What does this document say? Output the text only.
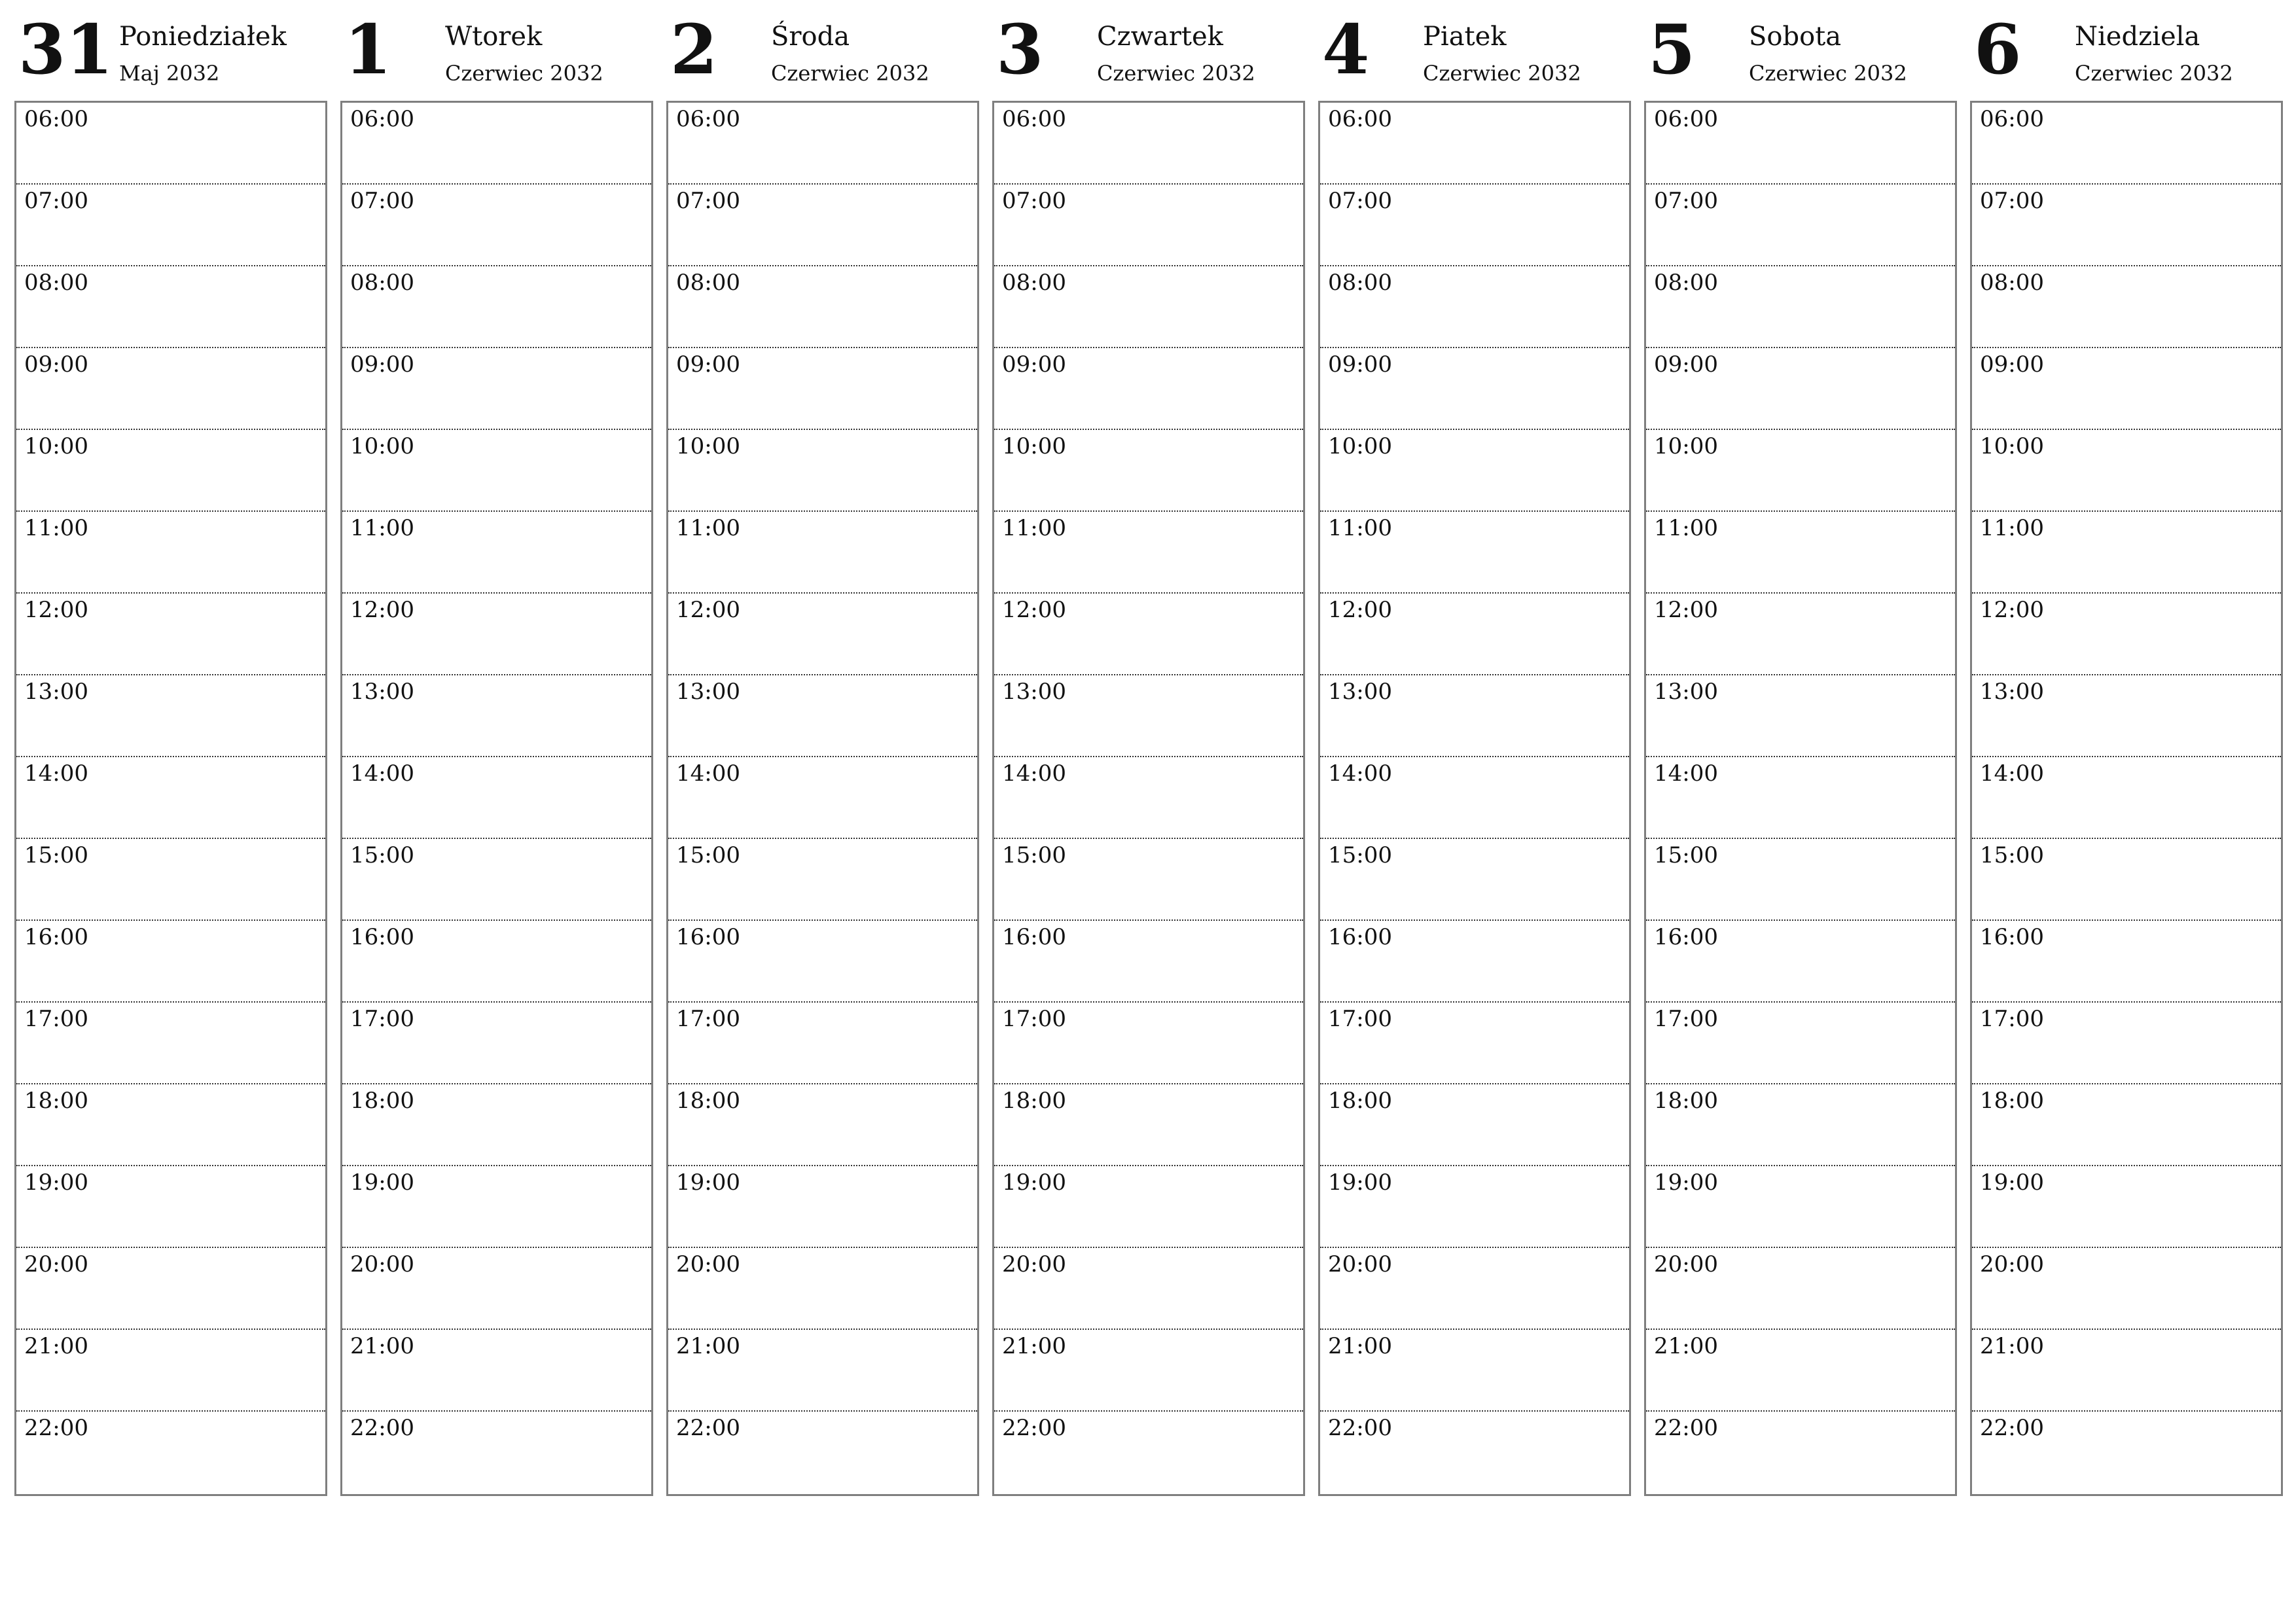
31 Poniedziałek
Maj 2032
06:00
07:00
08:00
09:00
10:00
11:00
12:00
13:00
14:00
15:00
16:00
17:00
18:00
19:00
20:00
21:00
22:00
1 Wtorek
Czerwiec 2032
06:00
07:00
08:00
09:00
10:00
11:00
12:00
13:00
14:00
15:00
16:00
17:00
18:00
19:00
20:00
21:00
22:00
2 Środa
Czerwiec 2032
06:00
07:00
08:00
09:00
10:00
11:00
12:00
13:00
14:00
15:00
16:00
17:00
18:00
19:00
20:00
21:00
22:00
3 Czwartek
Czerwiec 2032
06:00
07:00
08:00
09:00
10:00
11:00
12:00
13:00
14:00
15:00
16:00
17:00
18:00
19:00
20:00
21:00
22:00
4 Piatek
Czerwiec 2032
06:00
07:00
08:00
09:00
10:00
11:00
12:00
13:00
14:00
15:00
16:00
17:00
18:00
19:00
20:00
21:00
22:00
5 Sobota
Czerwiec 2032
06:00
07:00
08:00
09:00
10:00
11:00
12:00
13:00
14:00
15:00
16:00
17:00
18:00
19:00
20:00
21:00
22:00
6 Niedziela
Czerwiec 2032
06:00
07:00
08:00
09:00
10:00
11:00
12:00
13:00
14:00
15:00
16:00
17:00
18:00
19:00
20:00
21:00
22:00
